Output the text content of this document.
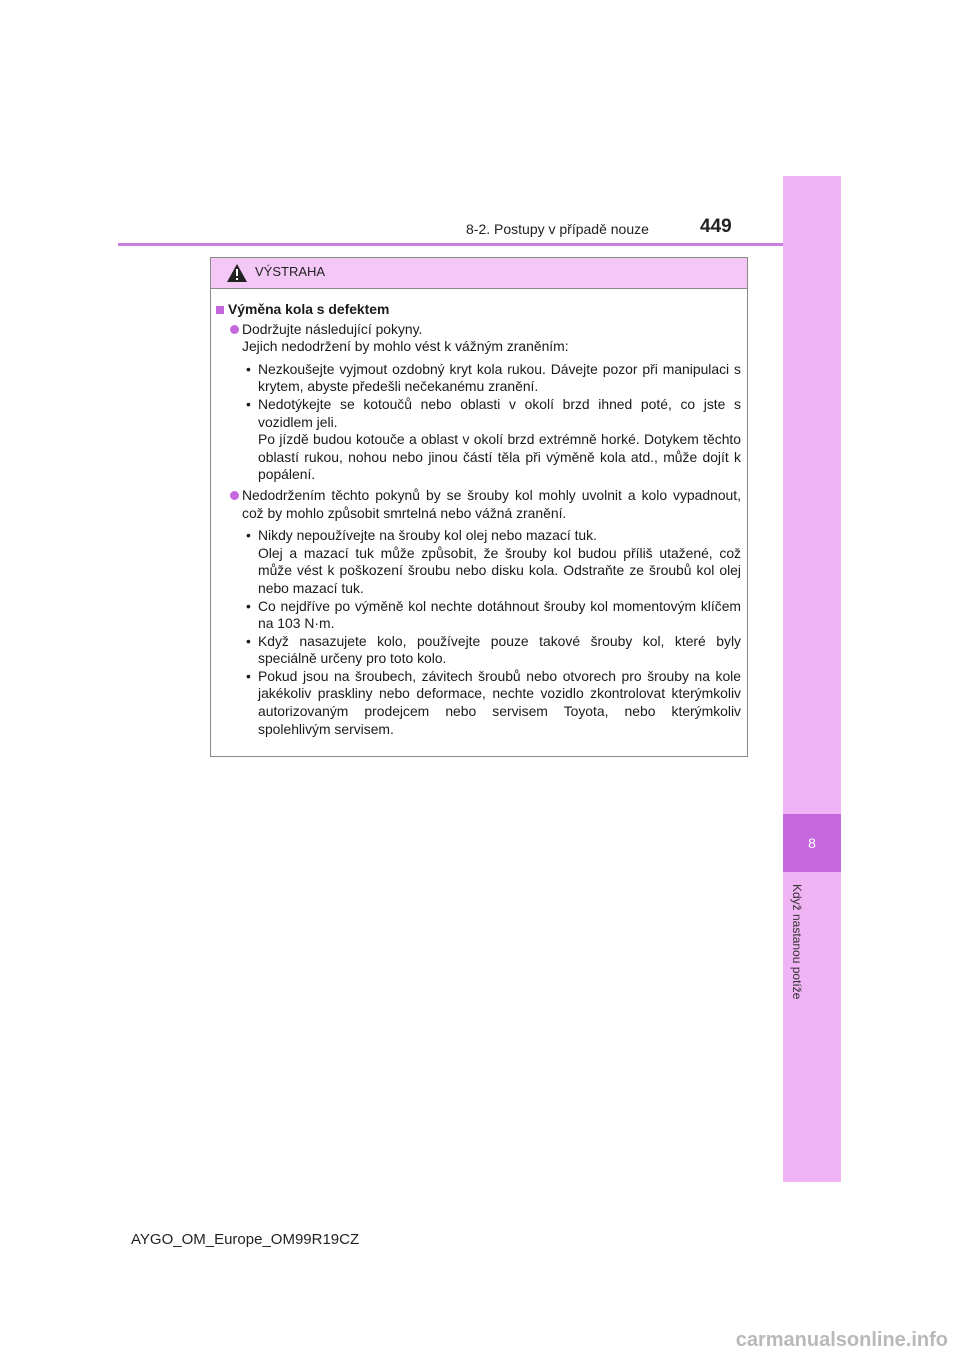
8-2. Postupy v případě nouze	449
8
Když nastanou potíže
VÝSTRAHA
Výměna kola s defektem
Dodržujte následující pokyny.
Jejich nedodržení by mohlo vést k vážným zraněním:
• Nezkoušejte vyjmout ozdobný kryt kola rukou. Dávejte pozor při manipulaci s krytem, abyste předešli nečekanému zranění.
• Nedotýkejte se kotoučů nebo oblasti v okolí brzd ihned poté, co jste s vozidlem jeli.
Po jízdě budou kotouče a oblast v okolí brzd extrémně horké. Dotykem těchto oblastí rukou, nohou nebo jinou částí těla při výměně kola atd., může dojít k popálení.
Nedodržením těchto pokynů by se šrouby kol mohly uvolnit a kolo vypadnout, což by mohlo způsobit smrtelná nebo vážná zranění.
• Nikdy nepoužívejte na šrouby kol olej nebo mazací tuk.
Olej a mazací tuk může způsobit, že šrouby kol budou příliš utažené, což může vést k poškození šroubu nebo disku kola. Odstraňte ze šroubů kol olej nebo mazací tuk.
• Co nejdříve po výměně kol nechte dotáhnout šrouby kol momentovým klíčem na 103 N·m.
• Když nasazujete kolo, používejte pouze takové šrouby kol, které byly speciálně určeny pro toto kolo.
• Pokud jsou na šroubech, závitech šroubů nebo otvorech pro šrouby na kole jakékoliv praskliny nebo deformace, nechte vozidlo zkontrolovat kterýmkoliv autorizovaným prodejcem nebo servisem Toyota, nebo kterýmkoliv spolehlivým servisem.
AYGO_OM_Europe_OM99R19CZ
carmanualsonline.info
